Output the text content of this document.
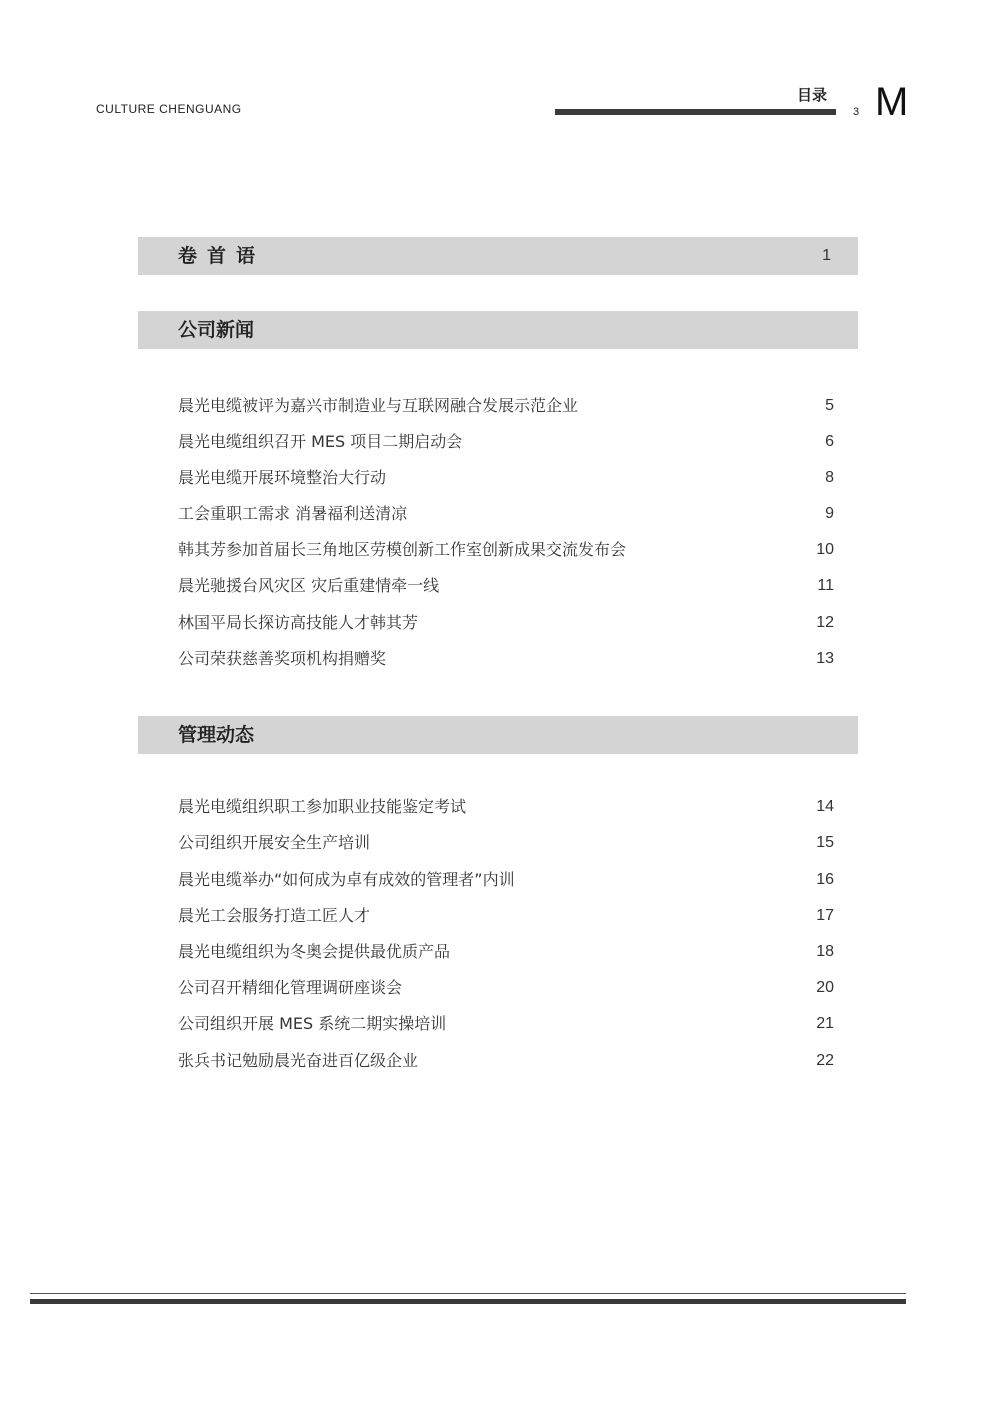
CULTURE CHENGUANG
目录
3 M
卷首语	1
公司新闻
晨光电缆被评为嘉兴市制造业与互联网融合发展示范企业	5
晨光电缆组织召开 MES 项目二期启动会	6
晨光电缆开展环境整治大行动	8
工会重职工需求 消暑福利送清凉	9
韩其芳参加首届长三角地区劳模创新工作室创新成果交流发布会	10
晨光驰援台风灾区 灾后重建情牵一线	11
林国平局长探访高技能人才韩其芳	12
公司荣获慈善奖项机构捐赠奖	13
管理动态
晨光电缆组织职工参加职业技能鉴定考试	14
公司组织开展安全生产培训	15
晨光电缆举办“如何成为卓有成效的管理者”内训	16
晨光工会服务打造工匠人才	17
晨光电缆组织为冬奥会提供最优质产品	18
公司召开精细化管理调研座谈会	20
公司组织开展 MES 系统二期实操培训	21
张兵书记勉励晨光奋进百亿级企业	22
